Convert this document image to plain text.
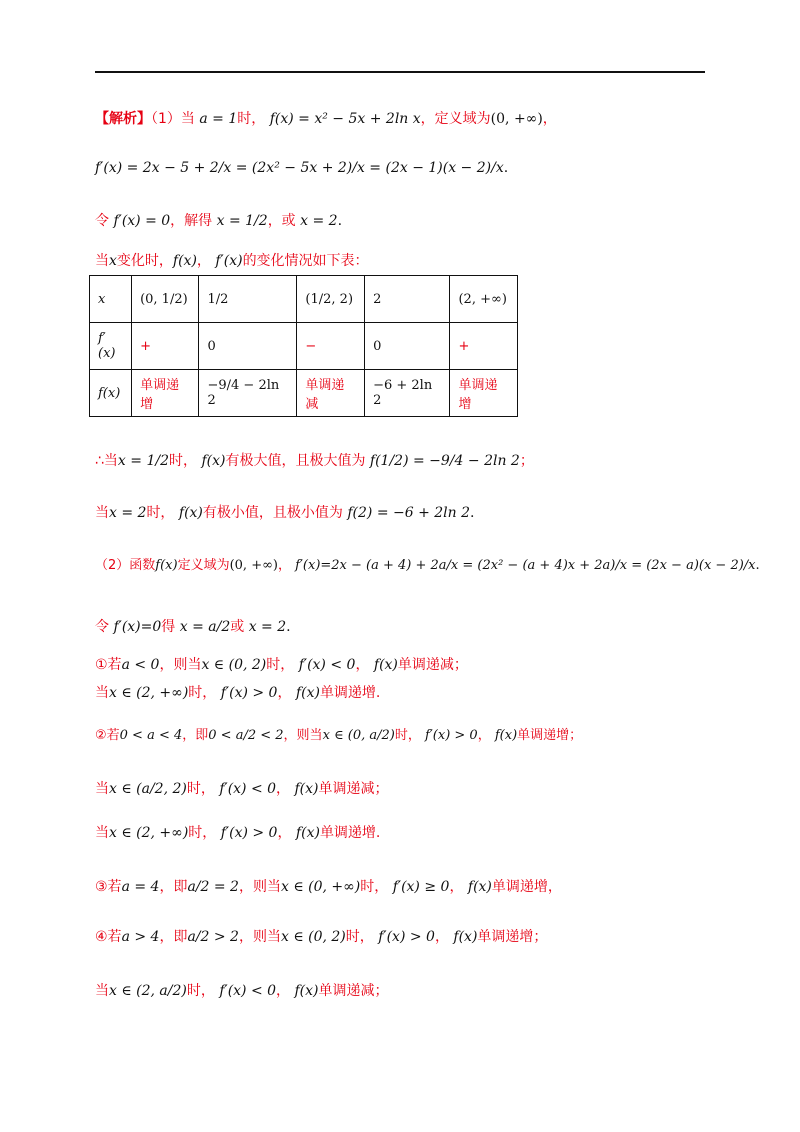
【解析】（1）当 a = 1时， f(x) = x² − 5x + 2ln x，定义域为(0, +∞)，
f′(x) = 2x − 5 + 2/x = (2x² − 5x + 2)/x = (2x − 1)(x − 2)/x.
令 f′(x) = 0，解得 x = 1/2，或 x = 2.
当x变化时，f(x)， f′(x)的变化情况如下表：
x	(0, 1/2)	1/2	(1/2, 2)	2	(2, +∞)
f′(x)	+	0	−	0	+
f(x)	单调递增	−9/4 − 2ln 2	单调递减	−6 + 2ln 2	单调递增
∴当x = 1/2时， f(x)有极大值，且极大值为 f(1/2) = −9/4 − 2ln 2；
当x = 2时， f(x)有极小值，且极小值为 f(2) = −6 + 2ln 2.
（2）函数f(x)定义域为(0, +∞)， f′(x)=2x − (a + 4) + 2a/x = (2x² − (a + 4)x + 2a)/x = (2x − a)(x − 2)/x.
令 f′(x)=0得 x = a/2或 x = 2.
①若a < 0，则当x ∈ (0, 2)时， f′(x) < 0， f(x)单调递减；
当x ∈ (2, +∞)时， f′(x) > 0， f(x)单调递增.
②若0 < a < 4，即0 < a/2 < 2，则当x ∈ (0, a/2)时， f′(x) > 0， f(x)单调递增；
当x ∈ (a/2, 2)时， f′(x) < 0， f(x)单调递减；
当x ∈ (2, +∞)时， f′(x) > 0， f(x)单调递增.
③若a = 4，即a/2 = 2，则当x ∈ (0, +∞)时， f′(x) ≥ 0， f(x)单调递增，
④若a > 4，即a/2 > 2，则当x ∈ (0, 2)时， f′(x) > 0， f(x)单调递增；
当x ∈ (2, a/2)时， f′(x) < 0， f(x)单调递减；
